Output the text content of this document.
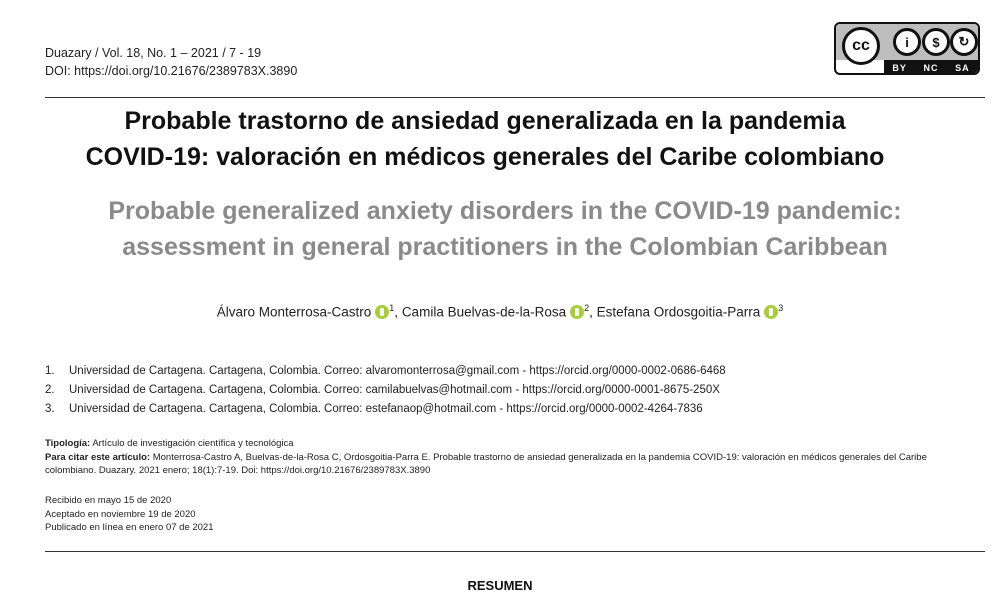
Duazary / Vol. 18, No. 1 – 2021 / 7 - 19
DOI: https://doi.org/10.21676/2389783X.3890
cc	i	$	↻
BY NC SA
Probable trastorno de ansiedad generalizada en la pandemia
COVID-19: valoración en médicos generales del Caribe colombiano
Probable generalized anxiety disorders in the COVID-19 pandemic:
assessment in general practitioners in the Colombian Caribbean
Álvaro Monterrosa-Castro $^1$, Camila Buelvas-de-la-Rosa $^2$, Estefana Ordosgoitia-Parra $^3$
1. Universidad de Cartagena. Cartagena, Colombia. Correo: alvaromonterrosa@gmail.com - https://orcid.org/0000-0002-0686-6468
2. Universidad de Cartagena. Cartagena, Colombia. Correo: camilabuelvas@hotmail.com - https://orcid.org/0000-0001-8675-250X
3. Universidad de Cartagena. Cartagena, Colombia. Correo: estefanaop@hotmail.com - https://orcid.org/0000-0002-4264-7836
Tipología: Artículo de investigación científica y tecnológica
Para citar este artículo: Monterrosa-Castro A, Buelvas-de-la-Rosa C, Ordosgoitia-Parra E. Probable trastorno de ansiedad generalizada en la pandemia COVID-19: valoración en médicos generales del Caribe colombiano. Duazary. 2021 enero; 18(1):7-19. Doi: https://doi.org/10.21676/2389783X.3890
Recibido en mayo 15 de 2020
Aceptado en noviembre 19 de 2020
Publicado en línea en enero 07 de 2021
RESUMEN
